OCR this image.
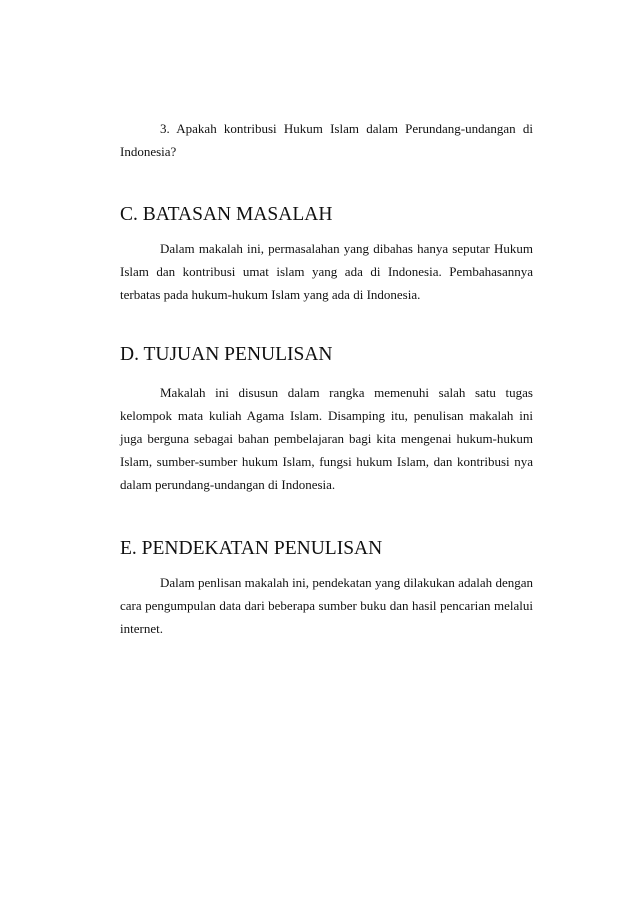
3. Apakah kontribusi Hukum Islam dalam Perundang-undangan di Indonesia?

C. BATASAN MASALAH

Dalam makalah ini, permasalahan yang dibahas hanya seputar Hukum Islam dan kontribusi umat islam yang ada di Indonesia. Pembahasannya terbatas pada hukum-hukum Islam yang ada di Indonesia.

D. TUJUAN PENULISAN

Makalah ini disusun dalam rangka memenuhi salah satu tugas kelompok mata kuliah Agama Islam. Disamping itu, penulisan makalah ini juga berguna sebagai bahan pembelajaran bagi kita mengenai hukum-hukum Islam, sumber-sumber hukum Islam, fungsi hukum Islam, dan kontribusi nya dalam perundang-undangan di Indonesia.

E. PENDEKATAN PENULISAN

Dalam penlisan makalah ini, pendekatan yang dilakukan adalah dengan cara pengumpulan data dari beberapa sumber buku dan hasil pencarian melalui internet.
